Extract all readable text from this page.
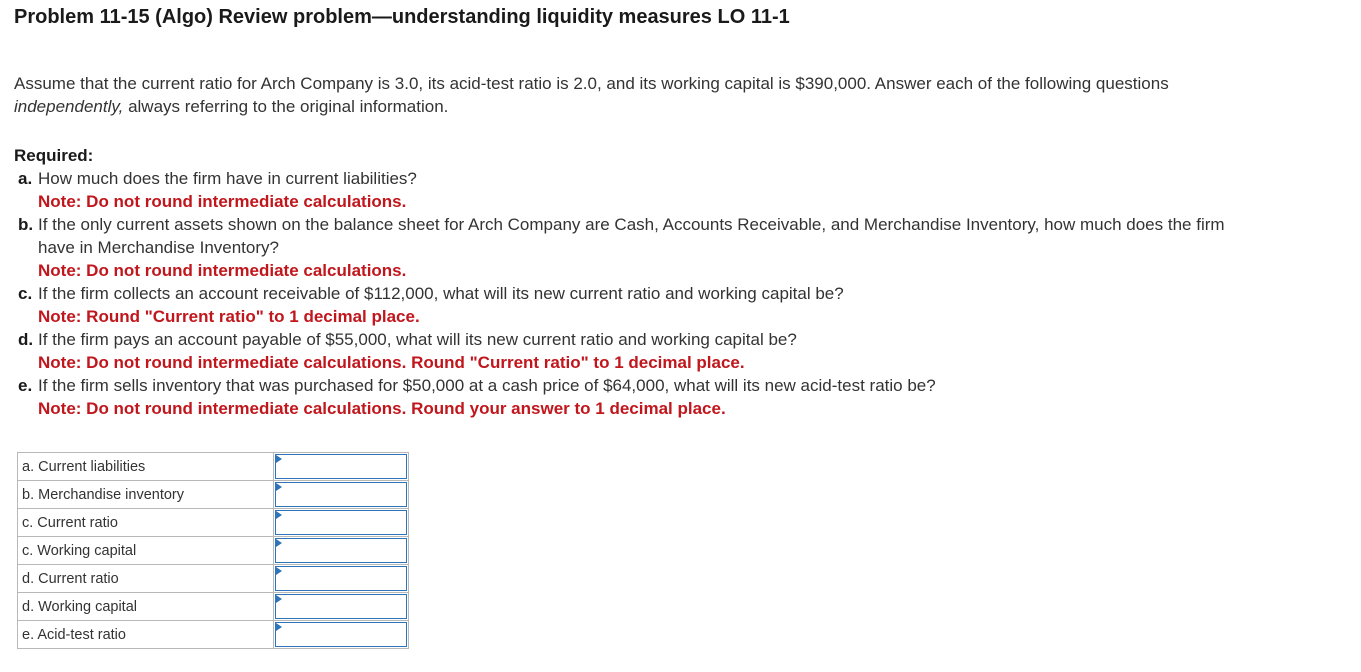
Problem 11-15 (Algo) Review problem—understanding liquidity measures LO 11-1
Assume that the current ratio for Arch Company is 3.0, its acid-test ratio is 2.0, and its working capital is $390,000. Answer each of the following questions independently, always referring to the original information.
Required:
a. How much does the firm have in current liabilities?
Note: Do not round intermediate calculations.
b. If the only current assets shown on the balance sheet for Arch Company are Cash, Accounts Receivable, and Merchandise Inventory, how much does the firm have in Merchandise Inventory?
Note: Do not round intermediate calculations.
c. If the firm collects an account receivable of $112,000, what will its new current ratio and working capital be?
Note: Round "Current ratio" to 1 decimal place.
d. If the firm pays an account payable of $55,000, what will its new current ratio and working capital be?
Note: Do not round intermediate calculations. Round "Current ratio" to 1 decimal place.
e. If the firm sells inventory that was purchased for $50,000 at a cash price of $64,000, what will its new acid-test ratio be?
Note: Do not round intermediate calculations. Round your answer to 1 decimal place.
a. Current liabilities	

b. Merchandise inventory	

c. Current ratio	

c. Working capital	

d. Current ratio	

d. Working capital	

e. Acid-test ratio	
